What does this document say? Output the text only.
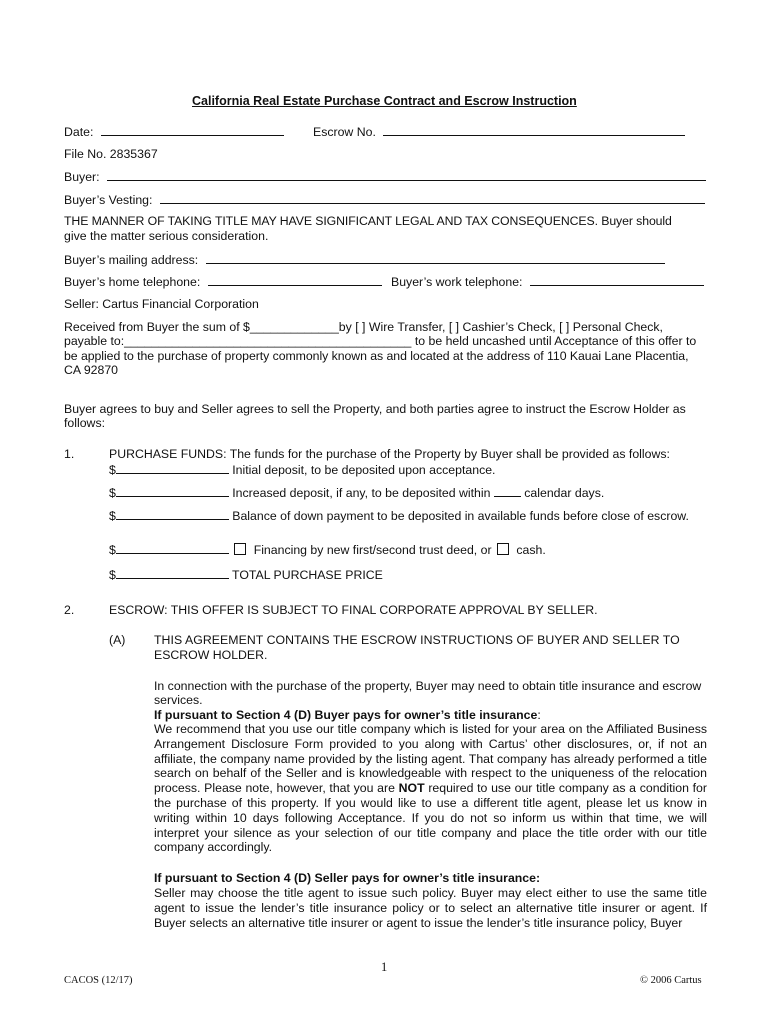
California Real Estate Purchase Contract and Escrow Instruction
Date:	Escrow No.
File No. 2835367
Buyer:
Buyer’s Vesting:
THE MANNER OF TAKING TITLE MAY HAVE SIGNIFICANT LEGAL AND TAX CONSEQUENCES. Buyer should
give the matter serious consideration.
Buyer’s mailing address:
Buyer’s home telephone:	Buyer’s work telephone:
Seller: Cartus Financial Corporation
Received from Buyer the sum of $_____________by [ ] Wire Transfer, [ ] Cashier’s Check, [ ] Personal Check,
payable to:__________________________________________ to be held uncashed until Acceptance of this offer to
be applied to the purchase of property commonly known as and located at the address of 110 Kauai Lane Placentia,
CA 92870
Buyer agrees to buy and Seller agrees to sell the Property, and both parties agree to instruct the Escrow Holder as
follows:
1.	PURCHASE FUNDS: The funds for the purchase of the Property by Buyer shall be provided as follows:
$	Initial deposit, to be deposited upon acceptance.
$	Increased deposit, if any, to be deposited within	calendar days.
$	Balance of down payment to be deposited in available funds before close of escrow.
$	Financing by new first/second trust deed, or cash.
$	TOTAL PURCHASE PRICE
2.	ESCROW: THIS OFFER IS SUBJECT TO FINAL CORPORATE APPROVAL BY SELLER.
(A) THIS AGREEMENT CONTAINS THE ESCROW INSTRUCTIONS OF BUYER AND SELLER TO
ESCROW HOLDER.
In connection with the purchase of the property, Buyer may need to obtain title insurance and escrow
services.
If pursuant to Section 4 (D) Buyer pays for owner’s title insurance:
We recommend that you use our title company which is listed for your area on the Affiliated Business Arrangement Disclosure Form provided to you along with Cartus’ other disclosures, or, if not an affiliate, the company name provided by the listing agent. That company has already performed a title search on behalf of the Seller and is knowledgeable with respect to the uniqueness of the relocation process. Please note, however, that you are NOT required to use our title company as a condition for the purchase of this property. If you would like to use a different title agent, please let us know in writing within 10 days following Acceptance. If you do not so inform us within that time, we will interpret your silence as your selection of our title company and place the title order with our title company accordingly.
If pursuant to Section 4 (D) Seller pays for owner’s title insurance:
Seller may choose the title agent to issue such policy. Buyer may elect either to use the same title agent to issue the lender’s title insurance policy or to select an alternative title insurer or agent. If Buyer selects an alternative title insurer or agent to issue the lender’s title insurance policy, Buyer
1
CACOS (12/17)	© 2006 Cartus
